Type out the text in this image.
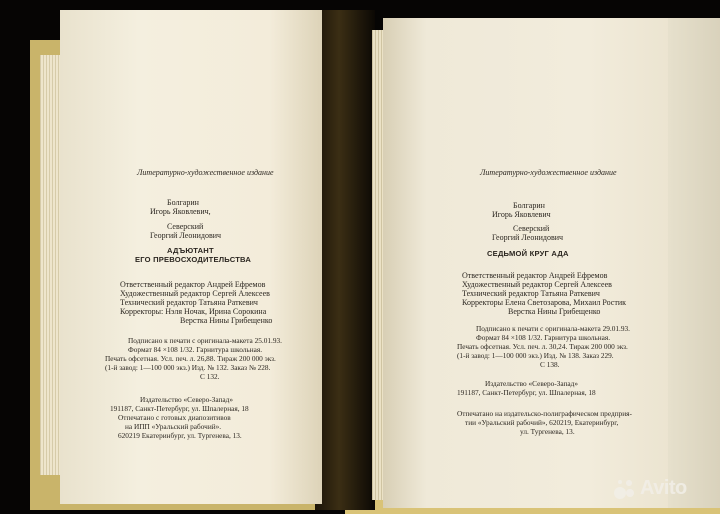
Литературно-художественное издание
Болгарин
Игорь Яковлевич,
Северский
Георгий Леонидович
АДЪЮТАНТ
ЕГО ПРЕВОСХОДИТЕЛЬСТВА
Ответственный редактор Андрей Ефремов
Художественный редактор Сергей Алексеев
Технический редактор Татьяна Раткевич
Корректоры: Нэля Ночак, Ирина Сорокина
Верстка Нины Грибещенко
Подписано к печати с оригинала-макета 25.01.93.
Формат 84 ×108 1/32. Гарнитура школьная.
Печать офсетная. Усл. печ. л. 26,88. Тираж 200 000 экз.
(1-й завод: 1—100 000 экз.) Изд. № 132. Заказ № 228.
С 132.
Издательство «Северо-Запад»
191187, Санкт-Петербург, ул. Шпалерная, 18
Отпечатано с готовых диапозитивов
на ИПП «Уральский рабочий».
620219 Екатеринбург, ул. Тургенева, 13.
Литературно-художественное издание
Болгарин
Игорь Яковлевич
Северский
Георгий Леонидович
СЕДЬМОЙ КРУГ АДА
Ответственный редактор Андрей Ефремов
Художественный редактор Сергей Алексеев
Технический редактор Татьяна Раткевич
Корректоры Елена Светозарова, Михаил Ростик
Верстка Нины Грибещенко
Подписано к печати с оригинала-макета 29.01.93.
Формат 84 ×108 1/32. Гарнитура школьная.
Печать офсетная. Усл. печ. л. 30,24. Тираж 200 000 экз.
(1-й завод: 1—100 000 экз.) Изд. № 138. Заказ 229.
С 138.
Издательство «Северо-Запад»
191187, Санкт-Петербург, ул. Шпалерная, 18
Отпечатано на издательско-полиграфическом предприя-
тии «Уральский рабочий», 620219, Екатеринбург,
ул. Тургенева, 13.
Avito
